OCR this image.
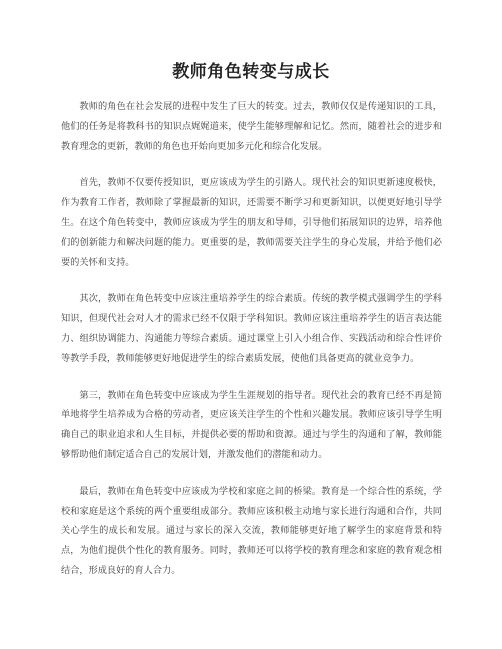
教师角色转变与成长

教师的角色在社会发展的进程中发生了巨大的转变。过去，教师仅仅是传递知识的工具，他们的任务是将教科书的知识点娓娓道来，使学生能够理解和记忆。然而，随着社会的进步和教育理念的更新，教师的角色也开始向更加多元化和综合化发展。

首先，教师不仅要传授知识，更应该成为学生的引路人。现代社会的知识更新速度极快，作为教育工作者，教师除了掌握最新的知识，还需要不断学习和更新知识，以便更好地引导学生。在这个角色转变中，教师应该成为学生的朋友和导师，引导他们拓展知识的边界，培养他们的创新能力和解决问题的能力。更重要的是，教师需要关注学生的身心发展，并给予他们必要的关怀和支持。

其次，教师在角色转变中应该注重培养学生的综合素质。传统的教学模式强调学生的学科知识，但现代社会对人才的需求已经不仅限于学科知识。教师应该注重培养学生的语言表达能力、组织协调能力、沟通能力等综合素质。通过课堂上引入小组合作、实践活动和综合性评价等教学手段，教师能够更好地促进学生的综合素质发展，使他们具备更高的就业竞争力。

第三，教师在角色转变中应该成为学生生涯规划的指导者。现代社会的教育已经不再是简单地将学生培养成为合格的劳动者，更应该关注学生的个性和兴趣发展。教师应该引导学生明确自己的职业追求和人生目标，并提供必要的帮助和资源。通过与学生的沟通和了解，教师能够帮助他们制定适合自己的发展计划，并激发他们的潜能和动力。

最后，教师在角色转变中应该成为学校和家庭之间的桥梁。教育是一个综合性的系统，学校和家庭是这个系统的两个重要组成部分。教师应该积极主动地与家长进行沟通和合作，共同关心学生的成长和发展。通过与家长的深入交流，教师能够更好地了解学生的家庭背景和特点，为他们提供个性化的教育服务。同时，教师还可以将学校的教育理念和家庭的教育观念相结合，形成良好的育人合力。
